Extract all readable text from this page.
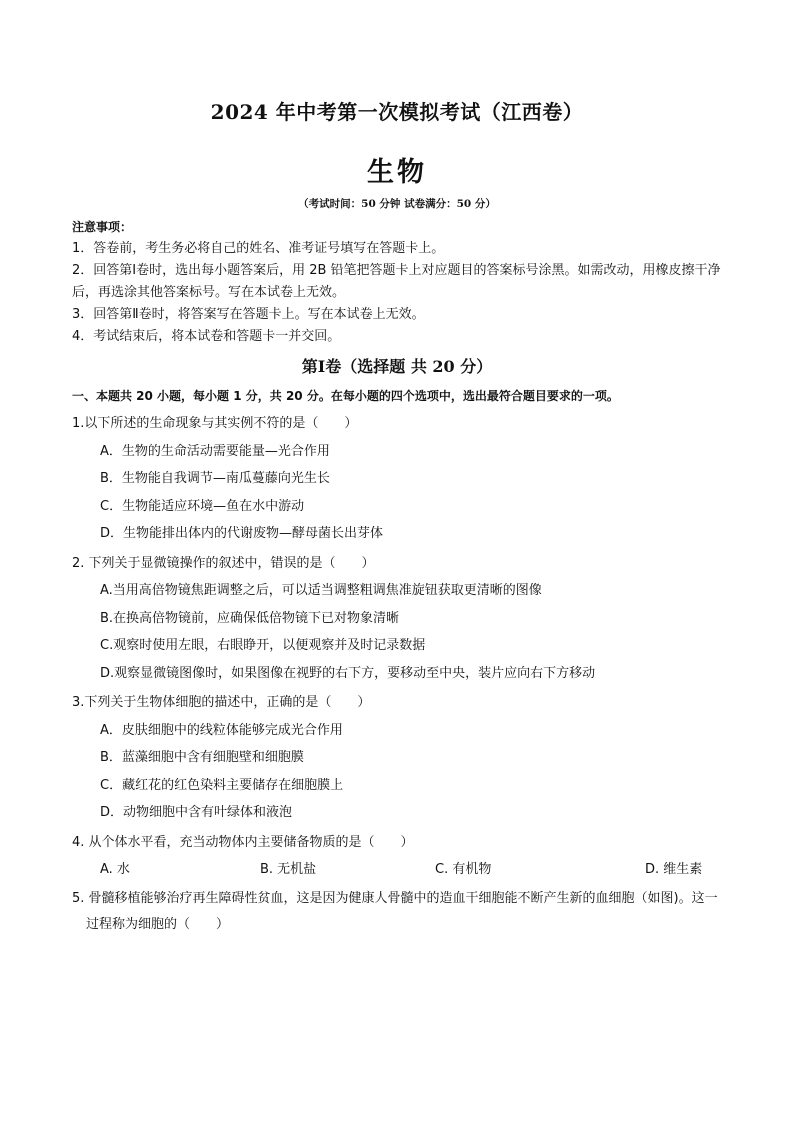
2024 年中考第一次模拟考试（江西卷）
生物
（考试时间：50 分钟 试卷满分：50 分）
注意事项：

1．答卷前，考生务必将自己的姓名、准考证号填写在答题卡上。

2．回答第Ⅰ卷时，选出每小题答案后，用 2B 铅笔把答题卡上对应题目的答案标号涂黑。如需改动，用橡皮擦干净后，再选涂其他答案标号。写在本试卷上无效。

3．回答第Ⅱ卷时，将答案写在答题卡上。写在本试卷上无效。

4．考试结束后，将本试卷和答题卡一并交回。

第Ⅰ卷（选择题 共 20 分）
一、本题共 20 小题，每小题 1 分，共 20 分。在每小题的四个选项中，选出最符合题目要求的一项。
1.以下所述的生命现象与其实例不符的是（　　）
A．生物的生命活动需要能量—光合作用
B．生物能自我调节—南瓜蔓藤向光生长
C．生物能适应环境—鱼在水中游动
D．生物能排出体内的代谢废物—酵母菌长出芽体
2. 下列关于显微镜操作的叙述中，错误的是（　　）
A.当用高倍物镜焦距调整之后，可以适当调整粗调焦准旋钮获取更清晰的图像
B.在换高倍物镜前，应确保低倍物镜下已对物象清晰
C.观察时使用左眼，右眼睁开，以便观察并及时记录数据
D.观察显微镜图像时，如果图像在视野的右下方，要移动至中央，装片应向右下方移动
3.下列关于生物体细胞的描述中，正确的是（　　）
A．皮肤细胞中的线粒体能够完成光合作用
B．蓝藻细胞中含有细胞壁和细胞膜
C．藏红花的红色染料主要储存在细胞膜上
D．动物细胞中含有叶绿体和液泡
4. 从个体水平看，充当动物体内主要储备物质的是（　　）
A. 水	B. 无机盐	C. 有机物	D. 维生素
5. 骨髓移植能够治疗再生障碍性贫血，这是因为健康人骨髓中的造血干细胞能不断产生新的血细胞（如图)。这一过程称为细胞的（　　）
